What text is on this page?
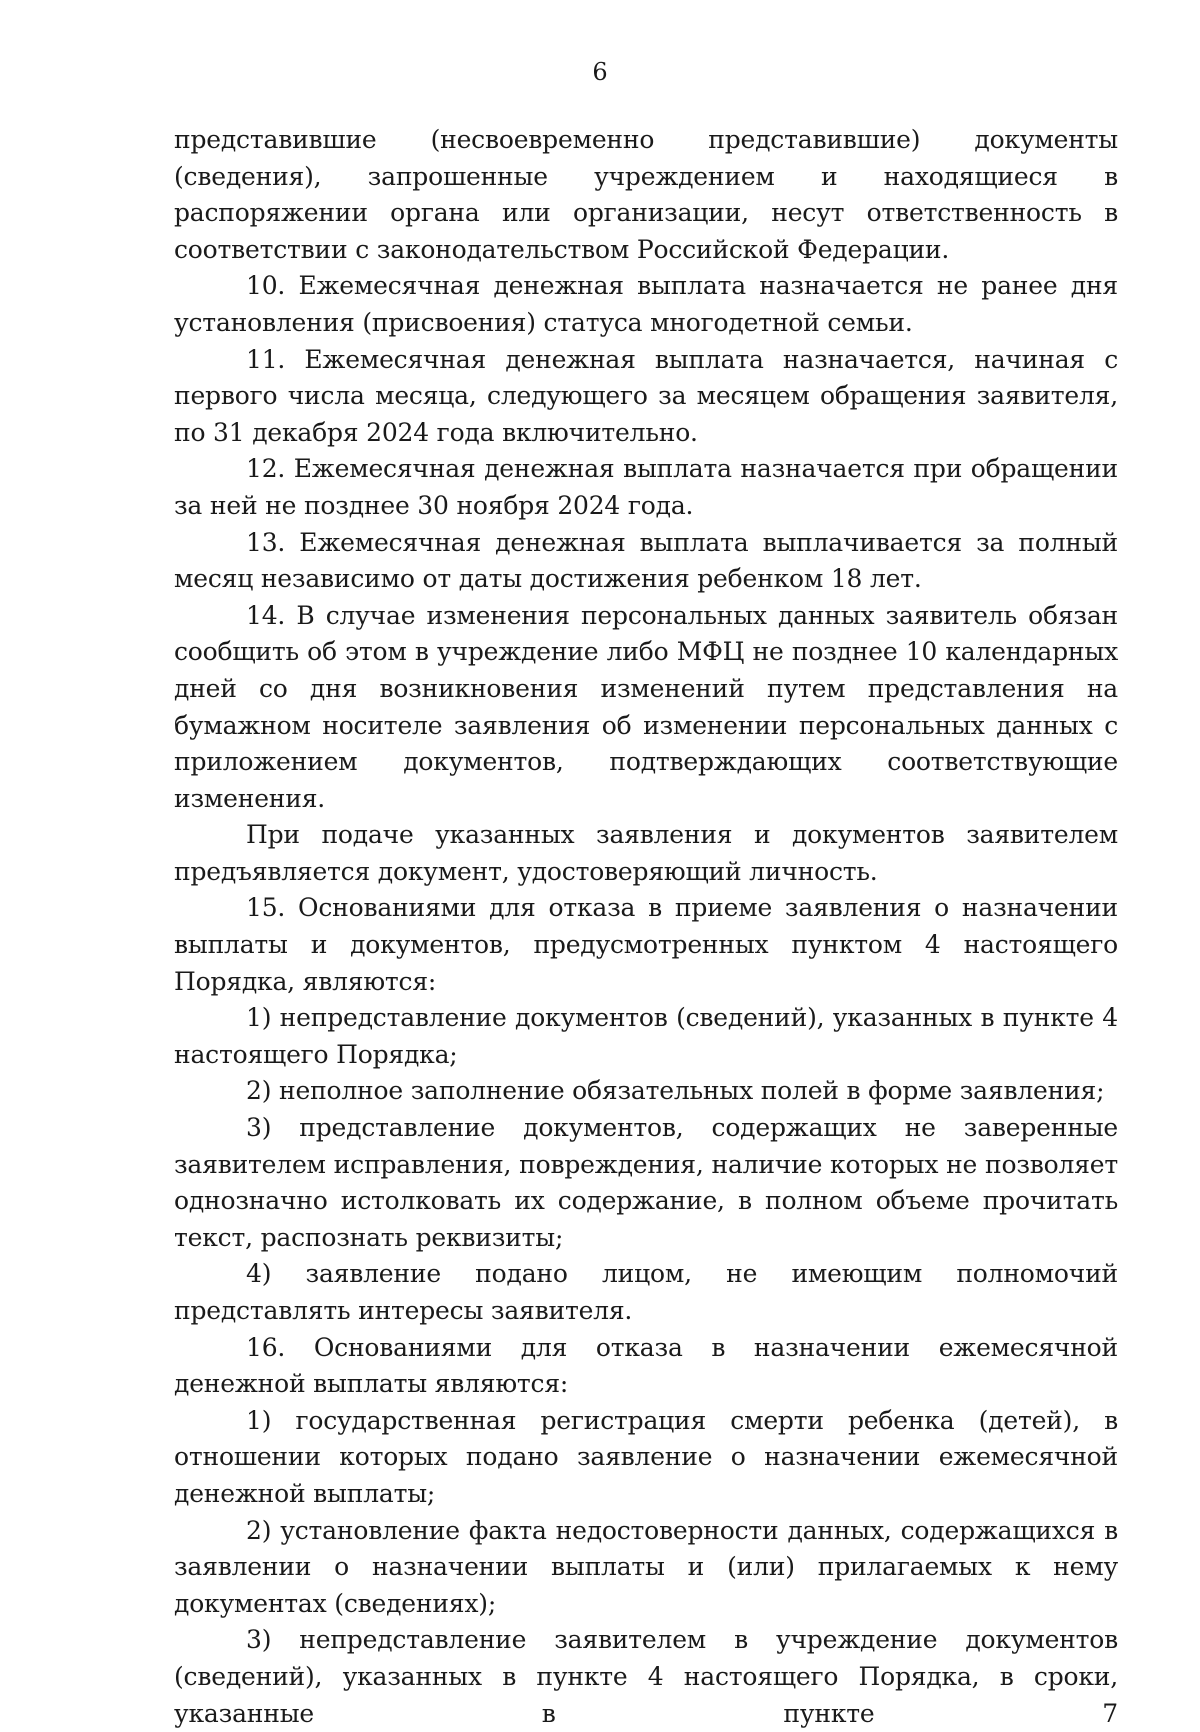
6

представившие (несвоевременно представившие) документы (сведения), запрошенные учреждением и находящиеся в распоряжении органа или организации, несут ответственность в соответствии с законодательством Российской Федерации.

10. Ежемесячная денежная выплата назначается не ранее дня установления (присвоения) статуса многодетной семьи.

11. Ежемесячная денежная выплата назначается, начиная с первого числа месяца, следующего за месяцем обращения заявителя, по 31 декабря 2024 года включительно.

12. Ежемесячная денежная выплата назначается при обращении за ней не позднее 30 ноября 2024 года.

13. Ежемесячная денежная выплата выплачивается за полный месяц независимо от даты достижения ребенком 18 лет.

14. В случае изменения персональных данных заявитель обязан сообщить об этом в учреждение либо МФЦ не позднее 10 календарных дней со дня возникновения изменений путем представления на бумажном носителе заявления об изменении персональных данных с приложением документов, подтверждающих соответствующие изменения.

При подаче указанных заявления и документов заявителем предъявляется документ, удостоверяющий личность.

15. Основаниями для отказа в приеме заявления о назначении выплаты и документов, предусмотренных пунктом 4 настоящего Порядка, являются:

1) непредставление документов (сведений), указанных в пункте 4 настоящего Порядка;

2) неполное заполнение обязательных полей в форме заявления;

3) представление документов, содержащих не заверенные заявителем исправления, повреждения, наличие которых не позволяет однозначно истолковать их содержание, в полном объеме прочитать текст, распознать реквизиты;

4) заявление подано лицом, не имеющим полномочий представлять интересы заявителя.

16. Основаниями для отказа в назначении ежемесячной денежной выплаты являются:

1) государственная регистрация смерти ребенка (детей), в отношении которых подано заявление о назначении ежемесячной денежной выплаты;

2) установление факта недостоверности данных, содержащихся в заявлении о назначении выплаты и (или) прилагаемых к нему документах (сведениях);

3) непредставление заявителем в учреждение документов (сведений), указанных в пункте 4 настоящего Порядка, в сроки, указанные в пункте 7
